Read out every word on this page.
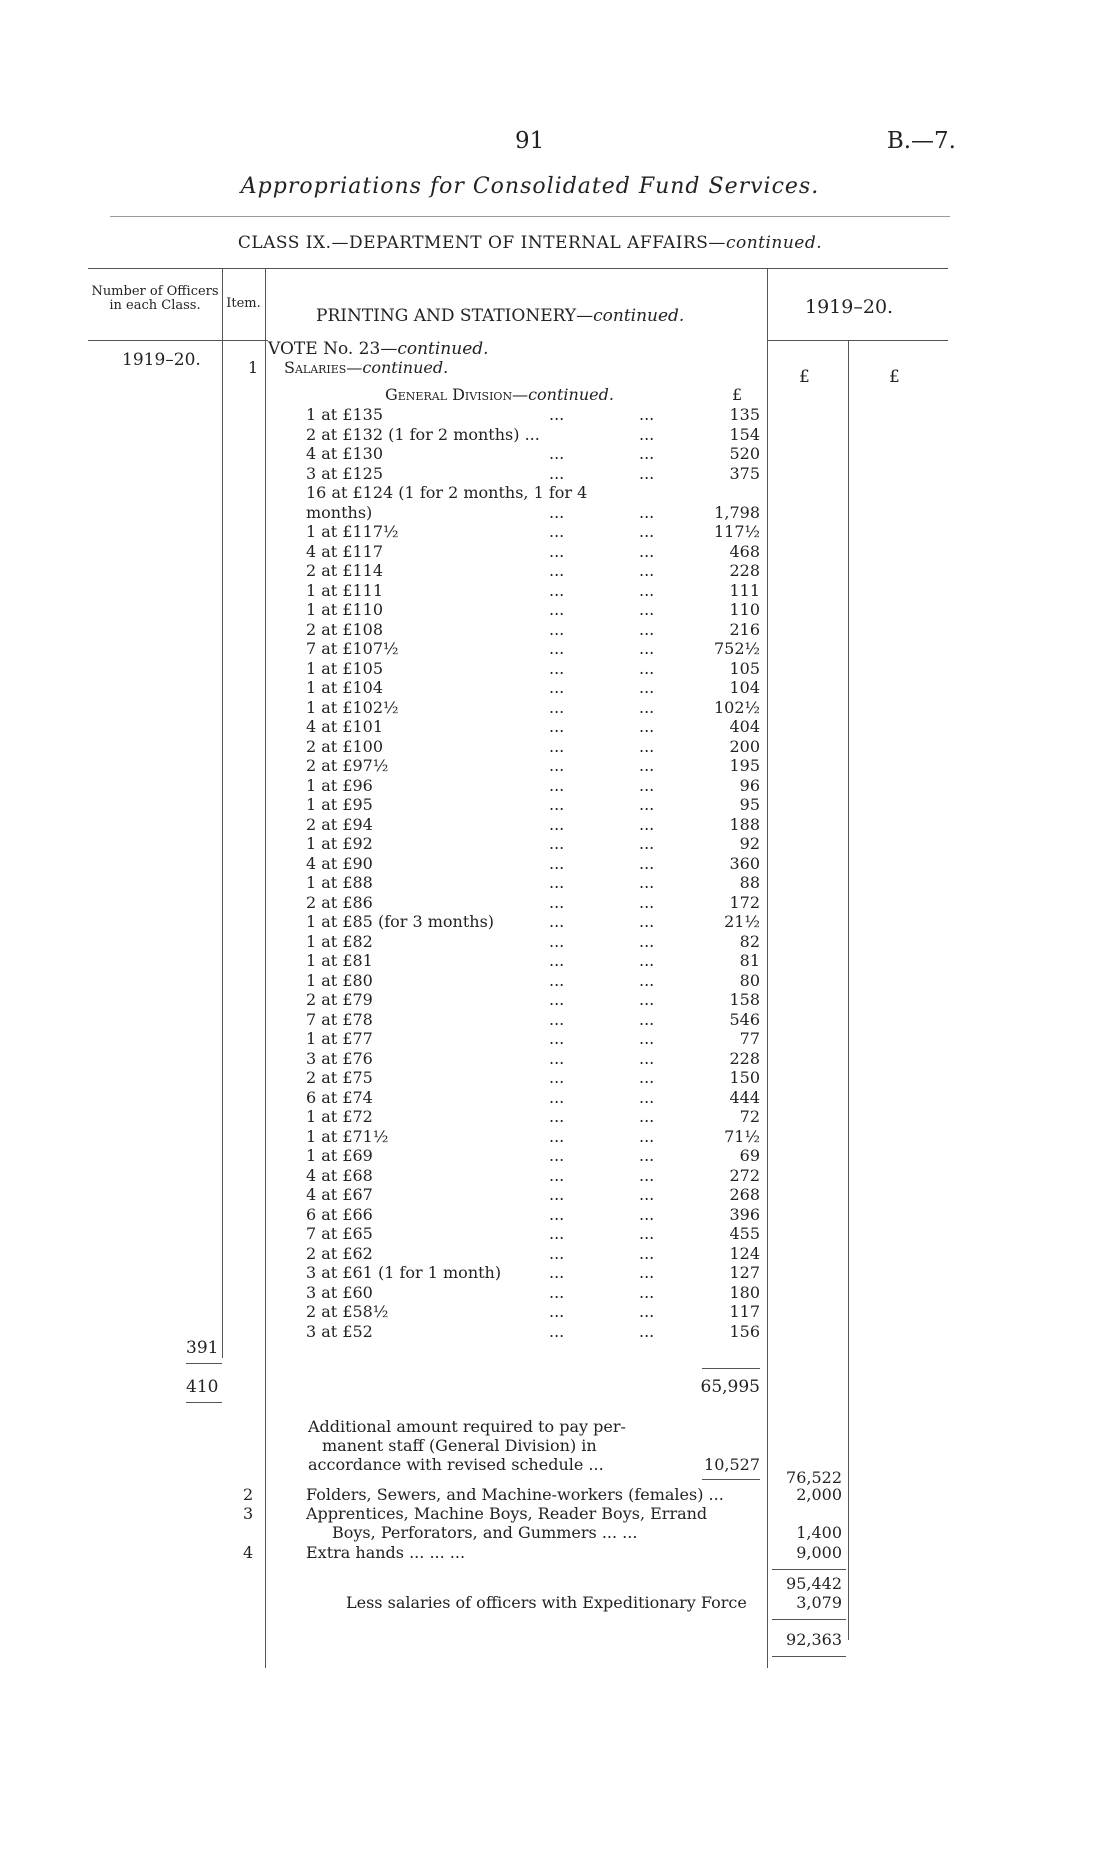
91	B.—7.
Appropriations for Consolidated Fund Services.
CLASS IX.—DEPARTMENT OF INTERNAL AFFAIRS—continued.
Number of Officers in each Class.	Item.	1919–20.
1919–20.
£	£
PRINTING AND STATIONERY—continued.
VOTE No. 23—continued.
Salaries—continued.
1
General Division—continued.	£
1 at £135	...	...	135
2 at £132 (1 for 2 months) ...	...	154
4 at £130	...	...	520
3 at £125	...	...	375
16 at £124 (1 for 2 months, 1 for 4
months)	...	...	1,798
1 at £117½	...	...	117½
4 at £117	...	...	468
2 at £114	...	...	228
1 at £111	...	...	111
1 at £110	...	...	110
2 at £108	...	...	216
7 at £107½	...	...	752½
1 at £105	...	...	105
1 at £104	...	...	104
1 at £102½	...	...	102½
4 at £101	...	...	404
2 at £100	...	...	200
2 at £97½	...	...	195
1 at £96	...	...	96
1 at £95	...	...	95
2 at £94	...	...	188
1 at £92	...	...	92
4 at £90	...	...	360
1 at £88	...	...	88
2 at £86	...	...	172
1 at £85 (for 3 months)	...	...	21½
1 at £82	...	...	82
1 at £81	...	...	81
1 at £80	...	...	80
2 at £79	...	...	158
7 at £78	...	...	546
1 at £77	...	...	77
3 at £76	...	...	228
2 at £75	...	...	150
6 at £74	...	...	444
1 at £72	...	...	72
1 at £71½	...	...	71½
1 at £69	...	...	69
4 at £68	...	...	272
4 at £67	...	...	268
6 at £66	...	...	396
7 at £65	...	...	455
2 at £62	...	...	124
3 at £61 (1 for 1 month)	...	...	127
3 at £60	...	...	180
2 at £58½	...	...	117
3 at £52	...	...	156
391
410	65,995
Additional amount required to pay per-
manent staff (General Division) in
accordance with revised schedule ...	10,527
76,522
2	Folders, Sewers, and Machine-workers (females) ...	2,000
3	Apprentices, Machine Boys, Reader Boys, Errand
Boys, Perforators, and Gummers ... ...	1,400
4	Extra hands ... ... ...	9,000
95,442
Less salaries of officers with Expeditionary Force	3,079
92,363
